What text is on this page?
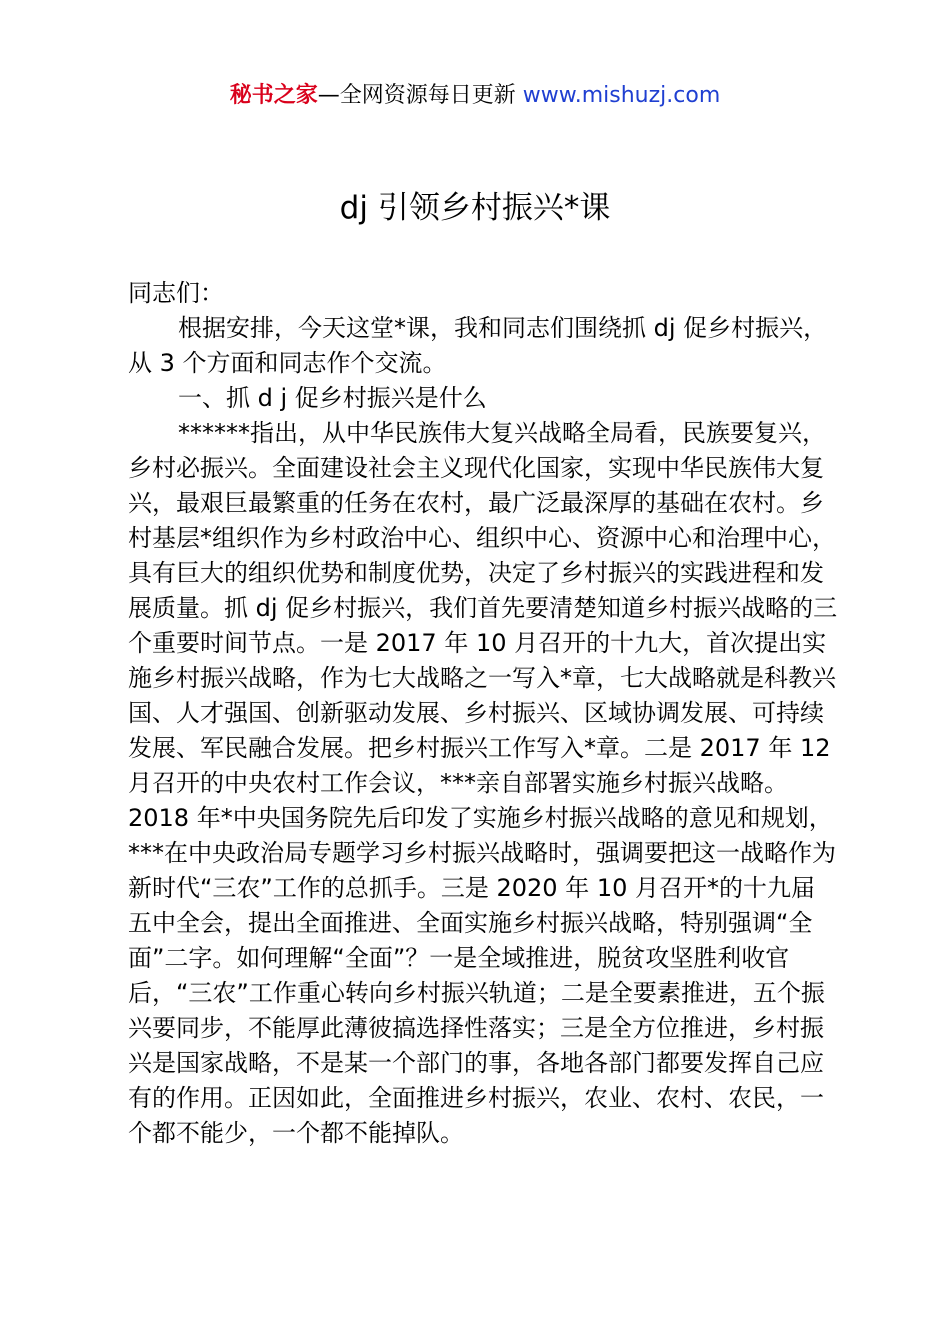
秘书之家—全网资源每日更新 www.mishuzj.com
dj 引领乡村振兴*课

同志们：

根据安排，今天这堂*课，我和同志们围绕抓 dj 促乡村振兴，从 3 个方面和同志作个交流。

一、抓 d j 促乡村振兴是什么

******指出，从中华民族伟大复兴战略全局看，民族要复兴，乡村必振兴。全面建设社会主义现代化国家，实现中华民族伟大复兴，最艰巨最繁重的任务在农村，最广泛最深厚的基础在农村。乡村基层*组织作为乡村政治中心、组织中心、资源中心和治理中心，具有巨大的组织优势和制度优势，决定了乡村振兴的实践进程和发展质量。抓 dj 促乡村振兴，我们首先要清楚知道乡村振兴战略的三个重要时间节点。一是 2017 年 10 月召开的十九大，首次提出实施乡村振兴战略，作为七大战略之一写入*章，七大战略就是科教兴国、人才强国、创新驱动发展、乡村振兴、区域协调发展、可持续发展、军民融合发展。把乡村振兴工作写入*章。二是 2017 年 12 月召开的中央农村工作会议，***亲自部署实施乡村振兴战略。2018 年*中央国务院先后印发了实施乡村振兴战略的意见和规划，***在中央政治局专题学习乡村振兴战略时，强调要把这一战略作为新时代“三农”工作的总抓手。三是 2020 年 10 月召开*的十九届五中全会，提出全面推进、全面实施乡村振兴战略，特别强调“全面”二字。如何理解“全面”？一是全域推进，脱贫攻坚胜利收官后，“三农”工作重心转向乡村振兴轨道；二是全要素推进，五个振兴要同步，不能厚此薄彼搞选择性落实；三是全方位推进，乡村振兴是国家战略，不是某一个部门的事，各地各部门都要发挥自己应有的作用。正因如此，全面推进乡村振兴，农业、农村、农民，一个都不能少，一个都不能掉队。
